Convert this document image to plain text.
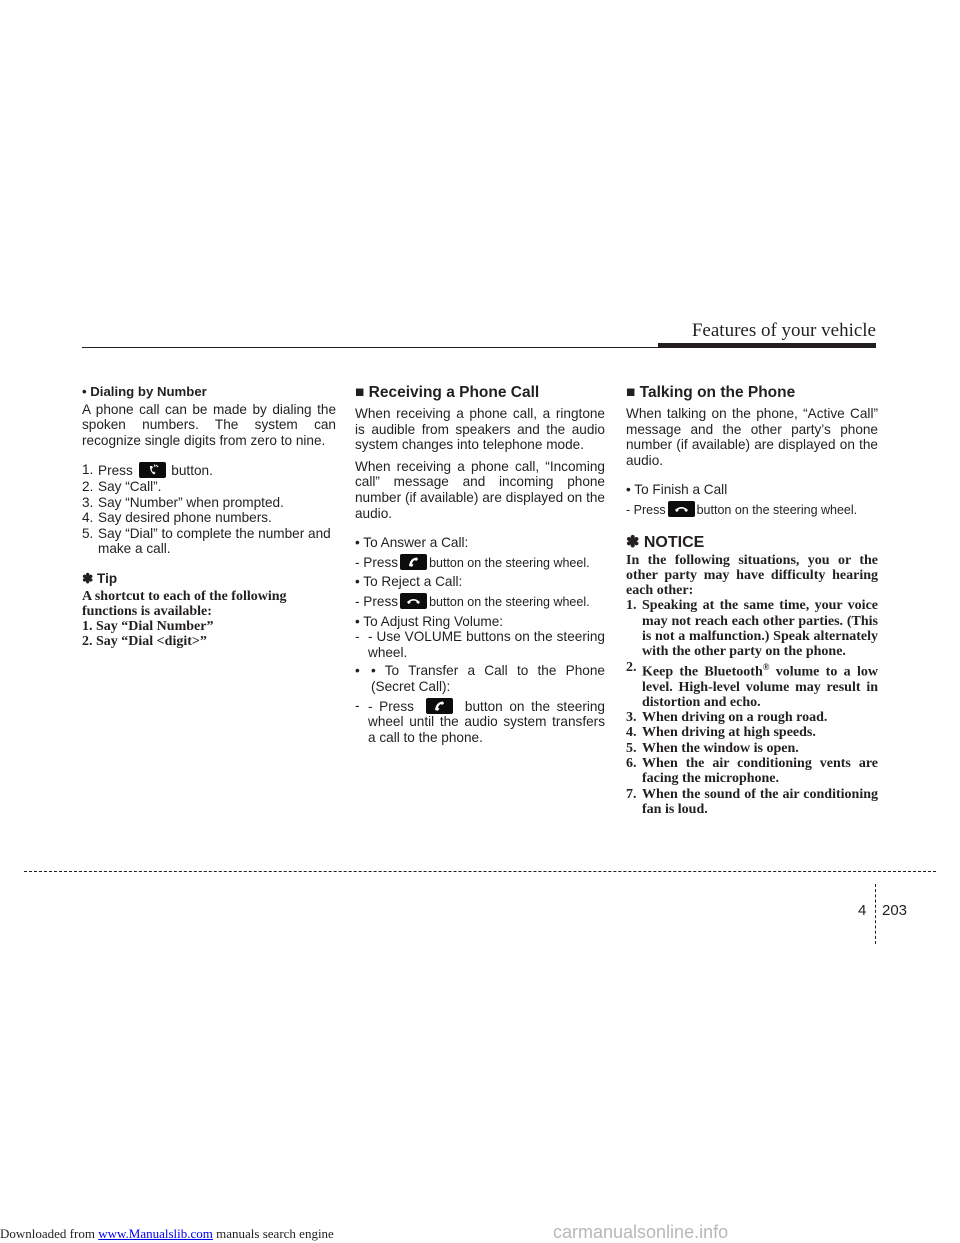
Features of your vehicle

• Dialing by Number

A phone call can be made by dialing the spoken numbers. The system can recognize single digits from zero to nine.

1. Press
button.
2. Say “Call”.
3. Say “Number” when prompted.
4. Say desired phone numbers.
5. Say “Dial” to complete the number and make a call.

✽ Tip

A shortcut to each of the following functions is available:

1. Say “Dial Number”

2. Say “Dial <digit>”

■ Receiving a Phone Call

When receiving a phone call, a ringtone is audible from speakers and the audio system changes into telephone mode.

When receiving a phone call, “Incoming call” message and incoming phone number (if available) are displayed on the audio.

• To Answer a Call:

- Press button on the steering wheel.

• To Reject a Call:

- Press button on the steering wheel.

• To Adjust Ring Volume:

- - Use VOLUME buttons on the steering wheel.
• • To Transfer a Call to the Phone (Secret Call):
- - Press	button on the steering wheel until the audio system transfers a call to the phone.

■ Talking on the Phone

When talking on the phone, “Active Call” message and the other party’s phone number (if available) are displayed on the audio.

• To Finish a Call

- Press button on the steering wheel.

✽ NOTICE

In the following situations, you or the other party may have difficulty hearing each other:

1. Speaking at the same time, your voice may not reach each other parties. (This is not a malfunction.) Speak alternately with the other party on the phone.
2. Keep the Bluetooth® volume to a low level. High-level volume may result in distortion and echo.
3. When driving on a rough road.
4. When driving at high speeds.
5. When the window is open.
6. When the air conditioning vents are facing the microphone.
7. When the sound of the air conditioning fan is loud.
4 203
Downloaded from www.Manualslib.com manuals search engine	carmanualsonline.info
